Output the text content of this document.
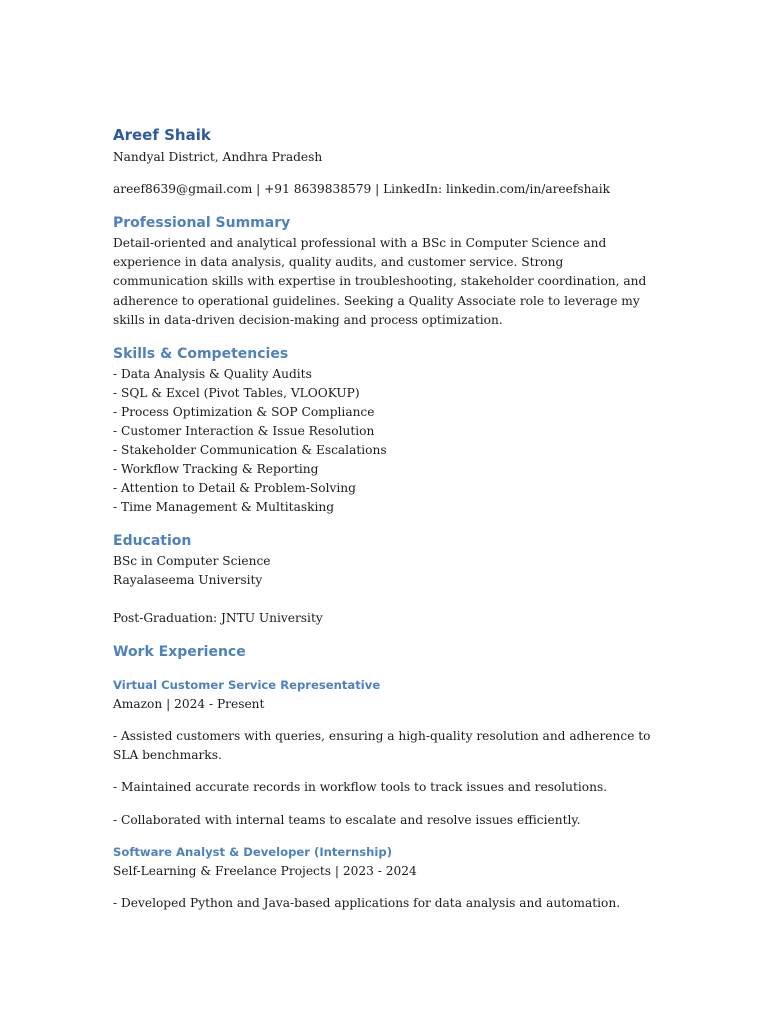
Areef Shaik

Nandyal District, Andhra Pradesh

areef8639@gmail.com | +91 8639838579 | LinkedIn: linkedin.com/in/areefshaik

Professional Summary

Detail-oriented and analytical professional with a BSc in Computer Science and experience in data analysis, quality audits, and customer service. Strong communication skills with expertise in troubleshooting, stakeholder coordination, and adherence to operational guidelines. Seeking a Quality Associate role to leverage my skills in data-driven decision-making and process optimization.

Skills & Competencies
- Data Analysis & Quality Audits
- SQL & Excel (Pivot Tables, VLOOKUP)
- Process Optimization & SOP Compliance
- Customer Interaction & Issue Resolution
- Stakeholder Communication & Escalations
- Workflow Tracking & Reporting
- Attention to Detail & Problem-Solving
- Time Management & Multitasking
Education

BSc in Computer Science

Rayalaseema University

Post-Graduation: JNTU University

Work Experience
Virtual Customer Service Representative

Amazon | 2024 - Present

- Assisted customers with queries, ensuring a high-quality resolution and adherence to SLA benchmarks.

- Maintained accurate records in workflow tools to track issues and resolutions.

- Collaborated with internal teams to escalate and resolve issues efficiently.

Software Analyst & Developer (Internship)

Self-Learning & Freelance Projects | 2023 - 2024

- Developed Python and Java-based applications for data analysis and automation.
